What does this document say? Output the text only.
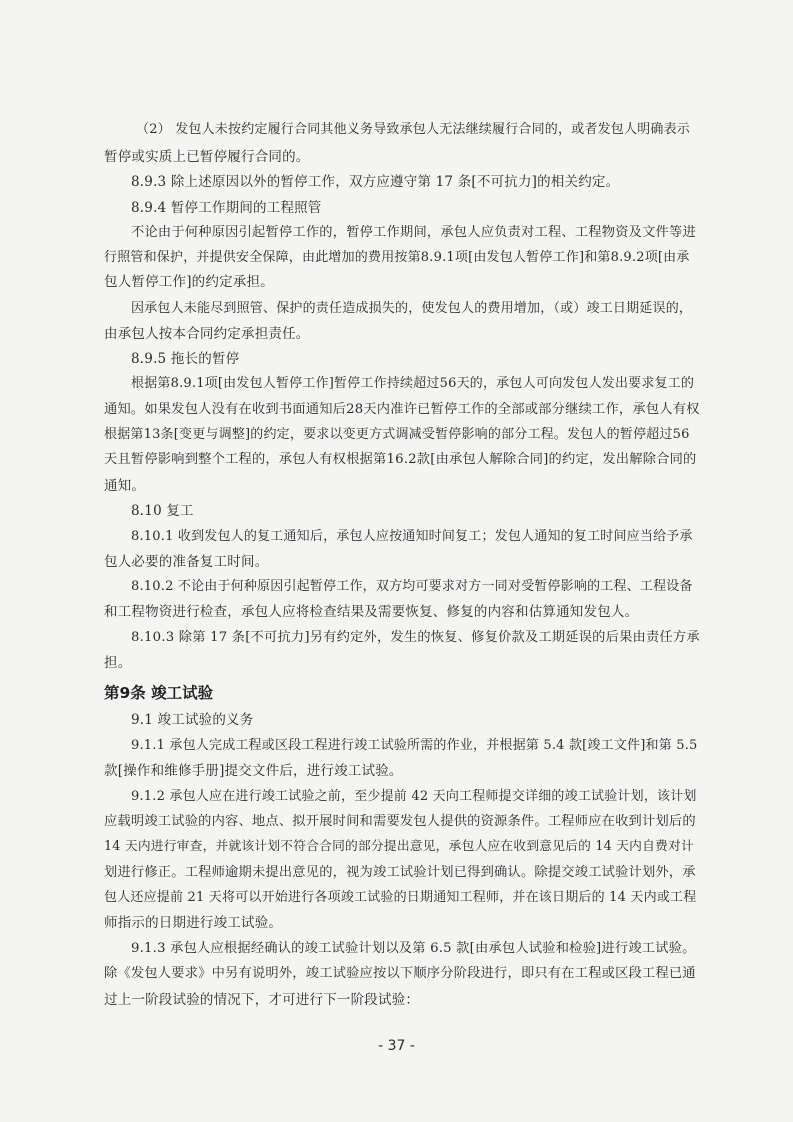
（2） 发包人未按约定履行合同其他义务导致承包人无法继续履行合同的，或者发包人明确表示
暂停或实质上已暂停履行合同的。
8.9.3 除上述原因以外的暂停工作，双方应遵守第 17 条[不可抗力]的相关约定。
8.9.4 暂停工作期间的工程照管
不论由于何种原因引起暂停工作的，暂停工作期间，承包人应负责对工程、工程物资及文件等进
行照管和保护，并提供安全保障，由此增加的费用按第8.9.1项[由发包人暂停工作]和第8.9.2项[由承
包人暂停工作]的约定承担。
因承包人未能尽到照管、保护的责任造成损失的，使发包人的费用增加，（或）竣工日期延误的，
由承包人按本合同约定承担责任。
8.9.5 拖长的暂停
根据第8.9.1项[由发包人暂停工作]暂停工作持续超过56天的，承包人可向发包人发出要求复工的
通知。如果发包人没有在收到书面通知后28天内准许已暂停工作的全部或部分继续工作，承包人有权
根据第13条[变更与调整]的约定，要求以变更方式调减受暂停影响的部分工程。发包人的暂停超过56
天且暂停影响到整个工程的，承包人有权根据第16.2款[由承包人解除合同]的约定，发出解除合同的
通知。
8.10 复工
8.10.1 收到发包人的复工通知后，承包人应按通知时间复工；发包人通知的复工时间应当给予承
包人必要的准备复工时间。
8.10.2 不论由于何种原因引起暂停工作，双方均可要求对方一同对受暂停影响的工程、工程设备
和工程物资进行检查，承包人应将检查结果及需要恢复、修复的内容和估算通知发包人。
8.10.3 除第 17 条[不可抗力]另有约定外，发生的恢复、修复价款及工期延误的后果由责任方承
担。
第9条 竣工试验
9.1 竣工试验的义务
9.1.1 承包人完成工程或区段工程进行竣工试验所需的作业，并根据第 5.4 款[竣工文件]和第 5.5
款[操作和维修手册]提交文件后，进行竣工试验。
9.1.2 承包人应在进行竣工试验之前，至少提前 42 天向工程师提交详细的竣工试验计划，该计划
应载明竣工试验的内容、地点、拟开展时间和需要发包人提供的资源条件。工程师应在收到计划后的
14 天内进行审查，并就该计划不符合合同的部分提出意见，承包人应在收到意见后的 14 天内自费对计
划进行修正。工程师逾期未提出意见的，视为竣工试验计划已得到确认。除提交竣工试验计划外，承
包人还应提前 21 天将可以开始进行各项竣工试验的日期通知工程师，并在该日期后的 14 天内或工程
师指示的日期进行竣工试验。
9.1.3 承包人应根据经确认的竣工试验计划以及第 6.5 款[由承包人试验和检验]进行竣工试验。
除《发包人要求》中另有说明外，竣工试验应按以下顺序分阶段进行，即只有在工程或区段工程已通
过上一阶段试验的情况下，才可进行下一阶段试验：
- 37 -
